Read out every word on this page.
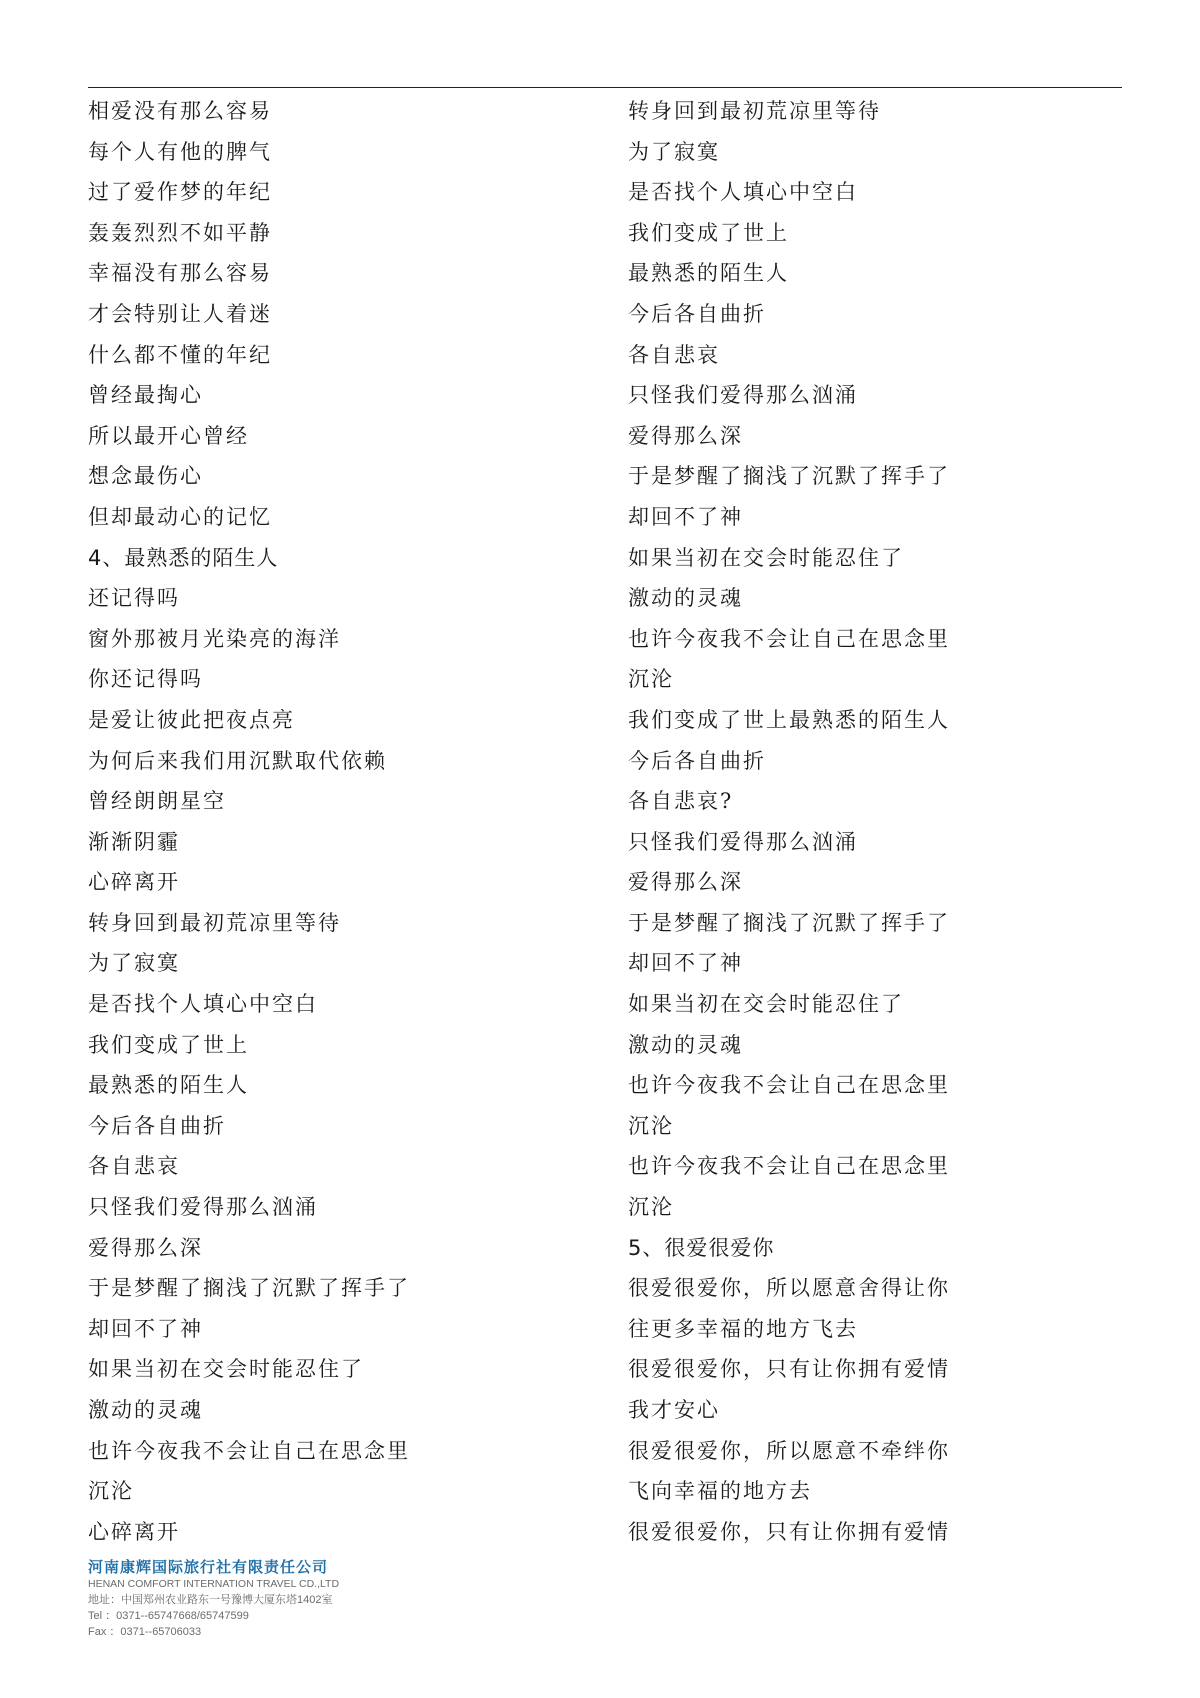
相爱没有那么容易
每个人有他的脾气
过了爱作梦的年纪
轰轰烈烈不如平静
幸福没有那么容易
才会特别让人着迷
什么都不懂的年纪
曾经最掏心
所以最开心曾经
想念最伤心
但却最动心的记忆
4、最熟悉的陌生人
还记得吗
窗外那被月光染亮的海洋
你还记得吗
是爱让彼此把夜点亮
为何后来我们用沉默取代依赖
曾经朗朗星空
渐渐阴霾
心碎离开
转身回到最初荒凉里等待
为了寂寞
是否找个人填心中空白
我们变成了世上
最熟悉的陌生人
今后各自曲折
各自悲哀
只怪我们爱得那么汹涌
爱得那么深
于是梦醒了搁浅了沉默了挥手了
却回不了神
如果当初在交会时能忍住了
激动的灵魂
也许今夜我不会让自己在思念里
沉沦
心碎离开
转身回到最初荒凉里等待
为了寂寞
是否找个人填心中空白
我们变成了世上
最熟悉的陌生人
今后各自曲折
各自悲哀
只怪我们爱得那么汹涌
爱得那么深
于是梦醒了搁浅了沉默了挥手了
却回不了神
如果当初在交会时能忍住了
激动的灵魂
也许今夜我不会让自己在思念里
沉沦
我们变成了世上最熟悉的陌生人
今后各自曲折
各自悲哀?
只怪我们爱得那么汹涌
爱得那么深
于是梦醒了搁浅了沉默了挥手了
却回不了神
如果当初在交会时能忍住了
激动的灵魂
也许今夜我不会让自己在思念里
沉沦
也许今夜我不会让自己在思念里
沉沦
5、很爱很爱你
很爱很爱你，所以愿意舍得让你
往更多幸福的地方飞去
很爱很爱你，只有让你拥有爱情
我才安心
很爱很爱你，所以愿意不牵绊你
飞向幸福的地方去
很爱很爱你，只有让你拥有爱情
河南康辉国际旅行社有限责任公司
HENAN COMFORT INTERNATION TRAVEL CD.,LTD
地址：中国郑州农业路东一号豫博大厦东塔1402室
Tel ：0371--65747668/65747599
Fax ：0371--65706033
